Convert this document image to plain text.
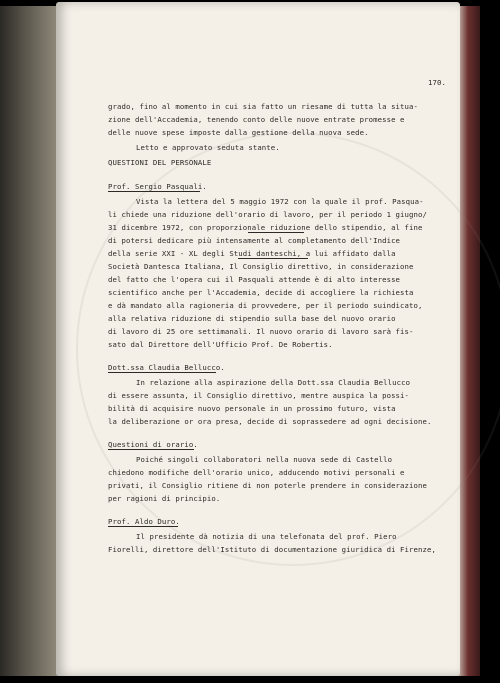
170.
grado, fino al momento in cui sia fatto un riesame di tutta la situa-
zione dell'Accademia, tenendo conto delle nuove entrate promesse e
delle nuove spese imposte dalla gestione della nuova sede.
Letto e approvato seduta stante.
QUESTIONI DEL PERSONALE
Prof. Sergio Pasquali.
Vista la lettera del 5 maggio 1972 con la quale il prof. Pasqua-
li chiede una riduzione dell'orario di lavoro, per il periodo 1 giugno/
31 dicembre 1972, con proporzionale riduzione dello stipendio, al fine
di potersi dedicare più intensamente al completamento dell'Indice
della serie XXI - XL degli Studi danteschi, a lui affidato dalla
Società Dantesca Italiana, Il Consiglio direttivo, in considerazione
del fatto che l'opera cui il Pasquali attende è di alto interesse
scientifico anche per l'Accademia, decide di accogliere la richiesta
e dà mandato alla ragioneria di provvedere, per il periodo suindicato,
alla relativa riduzione di stipendio sulla base del nuovo orario
di lavoro di 25 ore settimanali. Il nuovo orario di lavoro sarà fis-
sato dal Direttore dell'Ufficio Prof. De Robertis.
Dott.ssa Claudia Bellucco.
In relazione alla aspirazione della Dott.ssa Claudia Bellucco
di essere assunta, il Consiglio direttivo, mentre auspica la possi-
bilità di acquisire nuovo personale in un prossimo futuro, vista
la deliberazione or ora presa, decide di soprassedere ad ogni decisione.
Questioni di orario.
Poiché singoli collaboratori nella nuova sede di Castello
chiedono modifiche dell'orario unico, adducendo motivi personali e
privati, il Consiglio ritiene di non poterle prendere in considerazione
per ragioni di principio.
Prof. Aldo Duro.
Il presidente dà notizia di una telefonata del prof. Piero
Fiorelli, direttore dell'Istituto di documentazione giuridica di Firenze,
